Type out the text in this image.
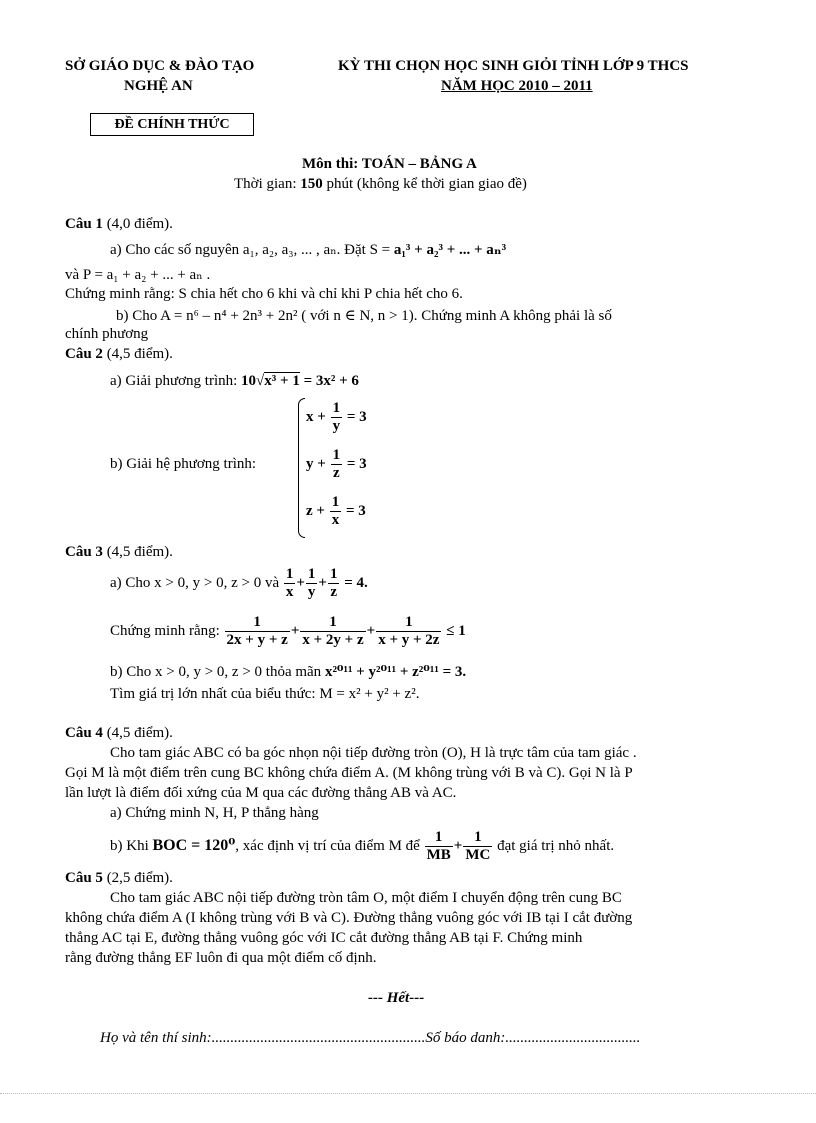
SỞ GIÁO DỤC & ĐÀO TẠO
NGHỆ AN
KỲ THI CHỌN HỌC SINH GIỎI TỈNH LỚP 9 THCS
NĂM HỌC 2010 – 2011
ĐỀ CHÍNH THỨC
Môn thi: TOÁN – BẢNG A
Thời gian: 150 phút (không kể thời gian giao đề)
Câu 1 (4,0 điểm).
a) Cho các số nguyên a₁, a₂, a₃, ... , aₙ. Đặt S = a₁³ + a₂³ + ... + aₙ³
và P = a₁ + a₂ + ... + aₙ .
Chứng minh rằng: S chia hết cho 6 khi và chỉ khi P chia hết cho 6.
b) Cho A = n⁶ – n⁴ + 2n³ + 2n² ( với n ∈ N, n > 1). Chứng minh A không phải là số
chính phương
Câu 2 (4,5 điểm).
a) Giải phương trình: 10√x³ + 1 = 3x² + 6
b) Giải hệ phương trình:
$x + \frac{1}{y} = 3$
$y + \frac{1}{z} = 3$
$z + \frac{1}{x} = 3$
Câu 3 (4,5 điểm).
a) Cho x > 0, y > 0, z > 0 và $\frac{1}{x} + \frac{1}{y} + \frac{1}{z} = 4$.
Chứng minh rằng: $\frac{1}{2x + y + z} + \frac{1}{x + 2y + z} + \frac{1}{x + y + 2z} \le 1$
b) Cho x > 0, y > 0, z > 0 thỏa mãn x²⁰¹¹ + y²⁰¹¹ + z²⁰¹¹ = 3.
Tìm giá trị lớn nhất của biểu thức: M = x² + y² + z².
Câu 4 (4,5 điểm).
Cho tam giác ABC có ba góc nhọn nội tiếp đường tròn (O), H là trực tâm của tam giác .
Gọi M là một điểm trên cung BC không chứa điểm A. (M không trùng với B và C). Gọi N là P
lần lượt là điểm đối xứng của M qua các đường thẳng AB và AC.
a) Chứng minh N, H, P thẳng hàng
b) Khi BOC = 120⁰, xác định vị trí của điểm M để $\frac{1}{MB} + \frac{1}{MC}$ đạt giá trị nhỏ nhất.
Câu 5 (2,5 điểm).
Cho tam giác ABC nội tiếp đường tròn tâm O, một điểm I chuyển động trên cung BC
không chứa điểm A (I không trùng với B và C). Đường thẳng vuông góc với IB tại I cắt đường
thẳng AC tại E, đường thẳng vuông góc với IC cắt đường thẳng AB tại F. Chứng minh
rằng đường thẳng EF luôn đi qua một điểm cố định.
--- Hết---
Họ và tên thí sinh:.........................................................Số báo danh:....................................
